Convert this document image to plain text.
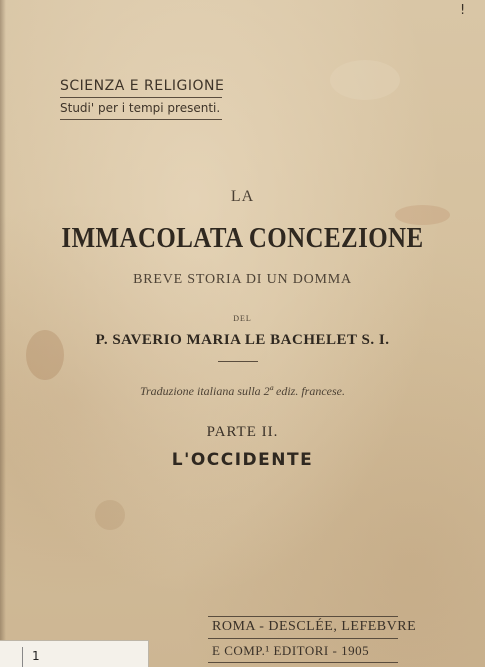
!
SCIENZA E RELIGIONE
Studi' per i tempi presenti.
LA
IMMACOLATA CONCEZIONE
BREVE STORIA DI UN DOMMA
DEL
P. SAVERIO MARIA LE BACHELET S. I.
Traduzione italiana sulla 2ª ediz. francese.
PARTE II.
L'OCCIDENTE
ROMA - DESCLÉE, LEFEBVRE
E COMP.¹ EDITORI - 1905
1
